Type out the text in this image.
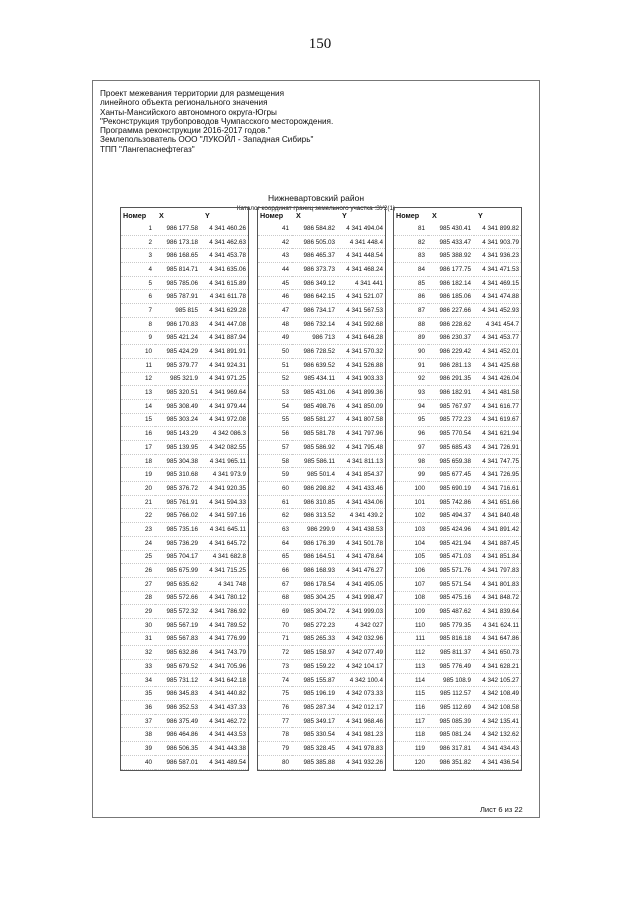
150
Проект межевания территории для размещения
линейного объекта регионального значения
Ханты-Мансийского автономного округа-Югры
"Реконструкция трубопроводов Чумпасского месторождения.
Программа реконструкции 2016-2017 годов."
Землепользователь ООО "ЛУКОЙЛ - Западная Сибирь"
ТПП "Лангепаснефтегаз"
Нижневартовский район
Каталог координат границ земельного участка :ЗУ2(1)
Номер	X	Y
1	986 177.58	4 341 460.26
2	986 173.18	4 341 462.63
3	986 168.65	4 341 453.78
4	985 814.71	4 341 635.06
5	985 785.06	4 341 615.89
6	985 787.91	4 341 611.78
7	985 815	4 341 629.28
8	986 170.83	4 341 447.08
9	985 421.24	4 341 887.94
10	985 424.29	4 341 891.91
11	985 379.77	4 341 924.31
12	985 321.9	4 341 971.25
13	985 320.51	4 341 969.64
14	985 308.49	4 341 979.44
15	985 303.24	4 341 972.08
16	985 143.29	4 342 086.3
17	985 139.95	4 342 082.55
18	985 304.38	4 341 965.11
19	985 310.68	4 341 973.9
20	985 376.72	4 341 920.35
21	985 761.91	4 341 594.33
22	985 766.02	4 341 597.16
23	985 735.16	4 341 645.11
24	985 736.29	4 341 645.72
25	985 704.17	4 341 682.8
26	985 675.99	4 341 715.25
27	985 635.62	4 341 748
28	985 572.66	4 341 780.12
29	985 572.32	4 341 786.92
30	985 567.19	4 341 789.52
31	985 567.83	4 341 776.99
32	985 632.86	4 341 743.79
33	985 679.52	4 341 705.96
34	985 731.12	4 341 642.18
35	986 345.83	4 341 440.82
36	986 352.53	4 341 437.33
37	986 375.49	4 341 462.72
38	986 464.86	4 341 443.53
39	986 506.35	4 341 443.38
40	986 587.01	4 341 489.54
Номер	X	Y
41	986 584.82	4 341 494.04
42	986 505.03	4 341 448.4
43	986 465.37	4 341 448.54
44	986 373.73	4 341 468.24
45	986 349.12	4 341 441
46	986 642.15	4 341 521.07
47	986 734.17	4 341 567.53
48	986 732.14	4 341 592.68
49	986 713	4 341 646.28
50	986 728.52	4 341 570.32
51	986 639.52	4 341 526.88
52	985 434.11	4 341 903.33
53	985 431.06	4 341 899.36
54	985 498.76	4 341 850.09
55	985 581.27	4 341 807.58
56	985 581.78	4 341 797.96
57	985 586.92	4 341 795.48
58	985 586.11	4 341 811.13
59	985 501.4	4 341 854.37
60	986 298.82	4 341 433.46
61	986 310.85	4 341 434.06
62	986 313.52	4 341 439.2
63	986 299.9	4 341 438.53
64	986 176.39	4 341 501.78
65	986 164.51	4 341 478.64
66	986 168.93	4 341 476.27
67	986 178.54	4 341 495.05
68	985 304.25	4 341 998.47
69	985 304.72	4 341 999.03
70	985 272.23	4 342 027
71	985 265.33	4 342 032.96
72	985 158.97	4 342 077.49
73	985 159.22	4 342 104.17
74	985 155.87	4 342 100.4
75	985 196.19	4 342 073.33
76	985 287.34	4 342 012.17
77	985 349.17	4 341 968.46
78	985 330.54	4 341 981.23
79	985 328.45	4 341 978.83
80	985 385.88	4 341 932.26
Номер	X	Y
81	985 430.41	4 341 899.82
82	985 433.47	4 341 903.79
83	985 388.92	4 341 936.23
84	986 177.75	4 341 471.53
85	986 182.14	4 341 469.15
86	986 185.06	4 341 474.88
87	986 227.66	4 341 452.93
88	986 228.62	4 341 454.7
89	986 230.37	4 341 453.77
90	986 229.42	4 341 452.01
91	986 281.13	4 341 425.68
92	986 291.35	4 341 426.04
93	986 182.91	4 341 481.58
94	985 767.97	4 341 616.77
95	985 772.23	4 341 619.67
96	985 770.54	4 341 621.94
97	985 685.43	4 341 726.91
98	985 659.38	4 341 747.75
99	985 677.45	4 341 726.95
100	985 690.19	4 341 716.61
101	985 742.86	4 341 651.66
102	985 494.37	4 341 840.48
103	985 424.96	4 341 891.42
104	985 421.94	4 341 887.45
105	985 471.03	4 341 851.84
106	985 571.76	4 341 797.83
107	985 571.54	4 341 801.83
108	985 475.16	4 341 848.72
109	985 487.62	4 341 839.64
110	985 779.35	4 341 624.11
111	985 816.18	4 341 647.86
112	985 811.37	4 341 650.73
113	985 776.49	4 341 628.21
114	985 108.9	4 342 105.27
115	985 112.57	4 342 108.49
116	985 112.69	4 342 108.58
117	985 085.39	4 342 135.41
118	985 081.24	4 342 132.62
119	986 317.81	4 341 434.43
120	986 351.82	4 341 436.54
Лист 6 из 22
